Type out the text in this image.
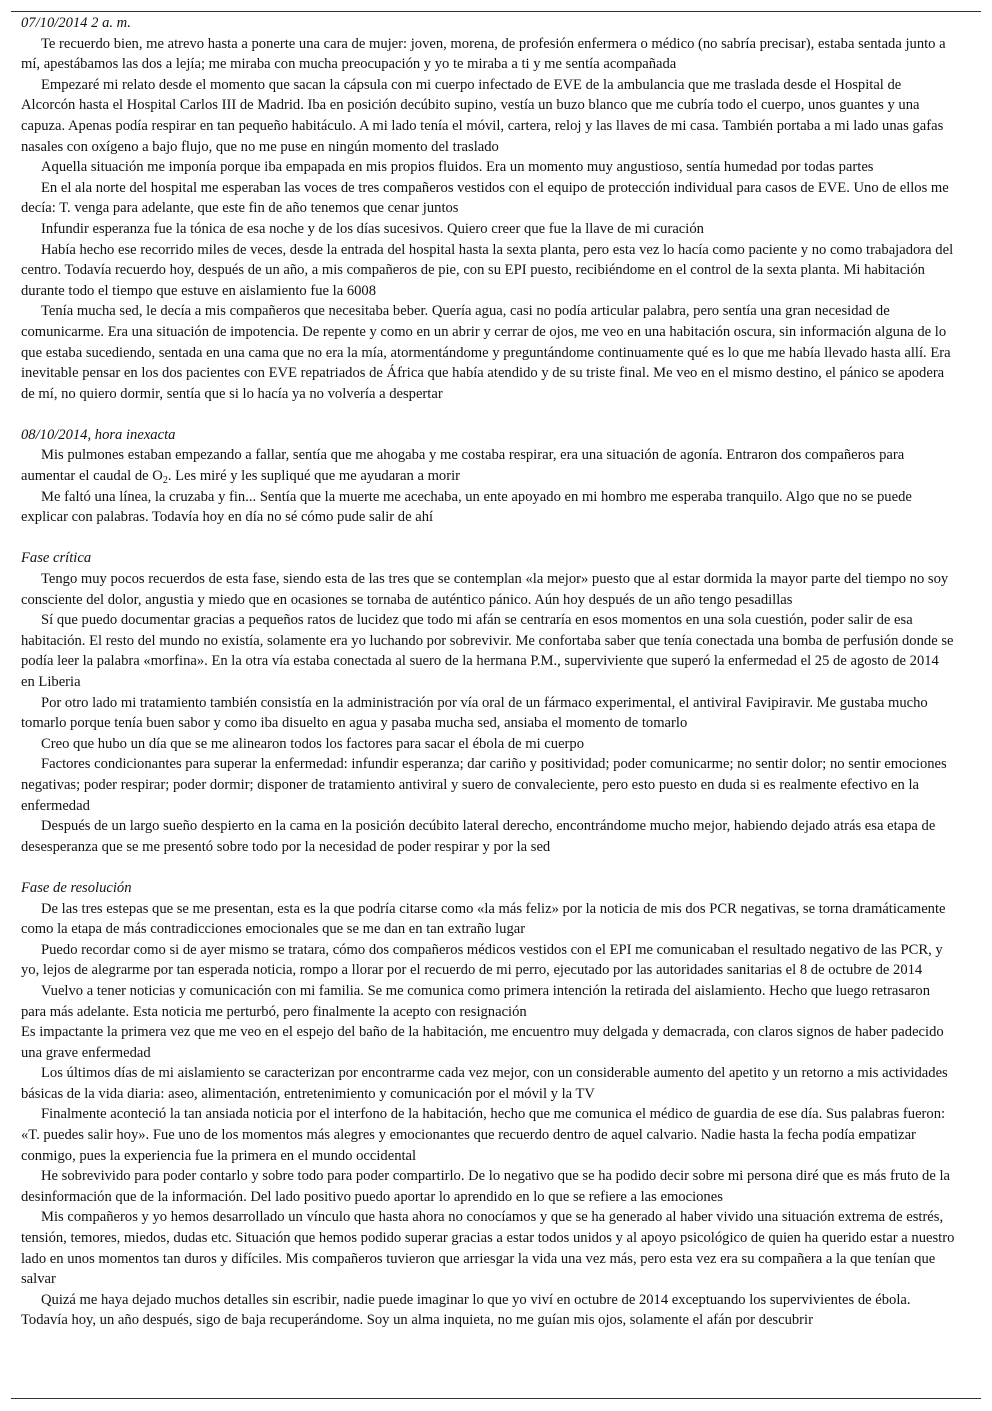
07/10/2014 2 a. m.

Te recuerdo bien, me atrevo hasta a ponerte una cara de mujer: joven, morena, de profesión enfermera o médico (no sabría precisar), estaba sentada junto a mí, apestábamos las dos a lejía; me miraba con mucha preocupación y yo te miraba a ti y me sentía acompañada

Empezaré mi relato desde el momento que sacan la cápsula con mi cuerpo infectado de EVE de la ambulancia que me traslada desde el Hospital de Alcorcón hasta el Hospital Carlos III de Madrid. Iba en posición decúbito supino, vestía un buzo blanco que me cubría todo el cuerpo, unos guantes y una capuza. Apenas podía respirar en tan pequeño habitáculo. A mi lado tenía el móvil, cartera, reloj y las llaves de mi casa. También portaba a mi lado unas gafas nasales con oxígeno a bajo flujo, que no me puse en ningún momento del traslado

Aquella situación me imponía porque iba empapada en mis propios fluidos. Era un momento muy angustioso, sentía humedad por todas partes

En el ala norte del hospital me esperaban las voces de tres compañeros vestidos con el equipo de protección individual para casos de EVE. Uno de ellos me decía: T. venga para adelante, que este fin de año tenemos que cenar juntos

Infundir esperanza fue la tónica de esa noche y de los días sucesivos. Quiero creer que fue la llave de mi curación

Había hecho ese recorrido miles de veces, desde la entrada del hospital hasta la sexta planta, pero esta vez lo hacía como paciente y no como trabajadora del centro. Todavía recuerdo hoy, después de un año, a mis compañeros de pie, con su EPI puesto, recibiéndome en el control de la sexta planta. Mi habitación durante todo el tiempo que estuve en aislamiento fue la 6008

Tenía mucha sed, le decía a mis compañeros que necesitaba beber. Quería agua, casi no podía articular palabra, pero sentía una gran necesidad de comunicarme. Era una situación de impotencia. De repente y como en un abrir y cerrar de ojos, me veo en una habitación oscura, sin información alguna de lo que estaba sucediendo, sentada en una cama que no era la mía, atormentándome y preguntándome continuamente qué es lo que me había llevado hasta allí. Era inevitable pensar en los dos pacientes con EVE repatriados de África que había atendido y de su triste final. Me veo en el mismo destino, el pánico se apodera de mí, no quiero dormir, sentía que si lo hacía ya no volvería a despertar

08/10/2014, hora inexacta

Mis pulmones estaban empezando a fallar, sentía que me ahogaba y me costaba respirar, era una situación de agonía. Entraron dos compañeros para aumentar el caudal de $O_2$. Les miré y les supliqué que me ayudaran a morir

Me faltó una línea, la cruzaba y fin... Sentía que la muerte me acechaba, un ente apoyado en mi hombro me esperaba tranquilo. Algo que no se puede explicar con palabras. Todavía hoy en día no sé cómo pude salir de ahí

Fase crítica

Tengo muy pocos recuerdos de esta fase, siendo esta de las tres que se contemplan «la mejor» puesto que al estar dormida la mayor parte del tiempo no soy consciente del dolor, angustia y miedo que en ocasiones se tornaba de auténtico pánico. Aún hoy después de un año tengo pesadillas

Sí que puedo documentar gracias a pequeños ratos de lucidez que todo mi afán se centraría en esos momentos en una sola cuestión, poder salir de esa habitación. El resto del mundo no existía, solamente era yo luchando por sobrevivir. Me confortaba saber que tenía conectada una bomba de perfusión donde se podía leer la palabra «morfina». En la otra vía estaba conectada al suero de la hermana P.M., superviviente que superó la enfermedad el 25 de agosto de 2014 en Liberia

Por otro lado mi tratamiento también consistía en la administración por vía oral de un fármaco experimental, el antiviral Favipiravir. Me gustaba mucho tomarlo porque tenía buen sabor y como iba disuelto en agua y pasaba mucha sed, ansiaba el momento de tomarlo

Creo que hubo un día que se me alinearon todos los factores para sacar el ébola de mi cuerpo

Factores condicionantes para superar la enfermedad: infundir esperanza; dar cariño y positividad; poder comunicarme; no sentir dolor; no sentir emociones negativas; poder respirar; poder dormir; disponer de tratamiento antiviral y suero de convaleciente, pero esto puesto en duda si es realmente efectivo en la enfermedad

Después de un largo sueño despierto en la cama en la posición decúbito lateral derecho, encontrándome mucho mejor, habiendo dejado atrás esa etapa de desesperanza que se me presentó sobre todo por la necesidad de poder respirar y por la sed

Fase de resolución

De las tres estepas que se me presentan, esta es la que podría citarse como «la más feliz» por la noticia de mis dos PCR negativas, se torna dramáticamente como la etapa de más contradicciones emocionales que se me dan en tan extraño lugar

Puedo recordar como si de ayer mismo se tratara, cómo dos compañeros médicos vestidos con el EPI me comunicaban el resultado negativo de las PCR, y yo, lejos de alegrarme por tan esperada noticia, rompo a llorar por el recuerdo de mi perro, ejecutado por las autoridades sanitarias el 8 de octubre de 2014

Vuelvo a tener noticias y comunicación con mi familia. Se me comunica como primera intención la retirada del aislamiento. Hecho que luego retrasaron para más adelante. Esta noticia me perturbó, pero finalmente la acepto con resignación

Es impactante la primera vez que me veo en el espejo del baño de la habitación, me encuentro muy delgada y demacrada, con claros signos de haber padecido una grave enfermedad

Los últimos días de mi aislamiento se caracterizan por encontrarme cada vez mejor, con un considerable aumento del apetito y un retorno a mis actividades básicas de la vida diaria: aseo, alimentación, entretenimiento y comunicación por el móvil y la TV

Finalmente aconteció la tan ansiada noticia por el interfono de la habitación, hecho que me comunica el médico de guardia de ese día. Sus palabras fueron: «T. puedes salir hoy». Fue uno de los momentos más alegres y emocionantes que recuerdo dentro de aquel calvario. Nadie hasta la fecha podía empatizar conmigo, pues la experiencia fue la primera en el mundo occidental

He sobrevivido para poder contarlo y sobre todo para poder compartirlo. De lo negativo que se ha podido decir sobre mi persona diré que es más fruto de la desinformación que de la información. Del lado positivo puedo aportar lo aprendido en lo que se refiere a las emociones

Mis compañeros y yo hemos desarrollado un vínculo que hasta ahora no conocíamos y que se ha generado al haber vivido una situación extrema de estrés, tensión, temores, miedos, dudas etc. Situación que hemos podido superar gracias a estar todos unidos y al apoyo psicológico de quien ha querido estar a nuestro lado en unos momentos tan duros y difíciles. Mis compañeros tuvieron que arriesgar la vida una vez más, pero esta vez era su compañera a la que tenían que salvar

Quizá me haya dejado muchos detalles sin escribir, nadie puede imaginar lo que yo viví en octubre de 2014 exceptuando los supervivientes de ébola. Todavía hoy, un año después, sigo de baja recuperándome. Soy un alma inquieta, no me guían mis ojos, solamente el afán por descubrir
